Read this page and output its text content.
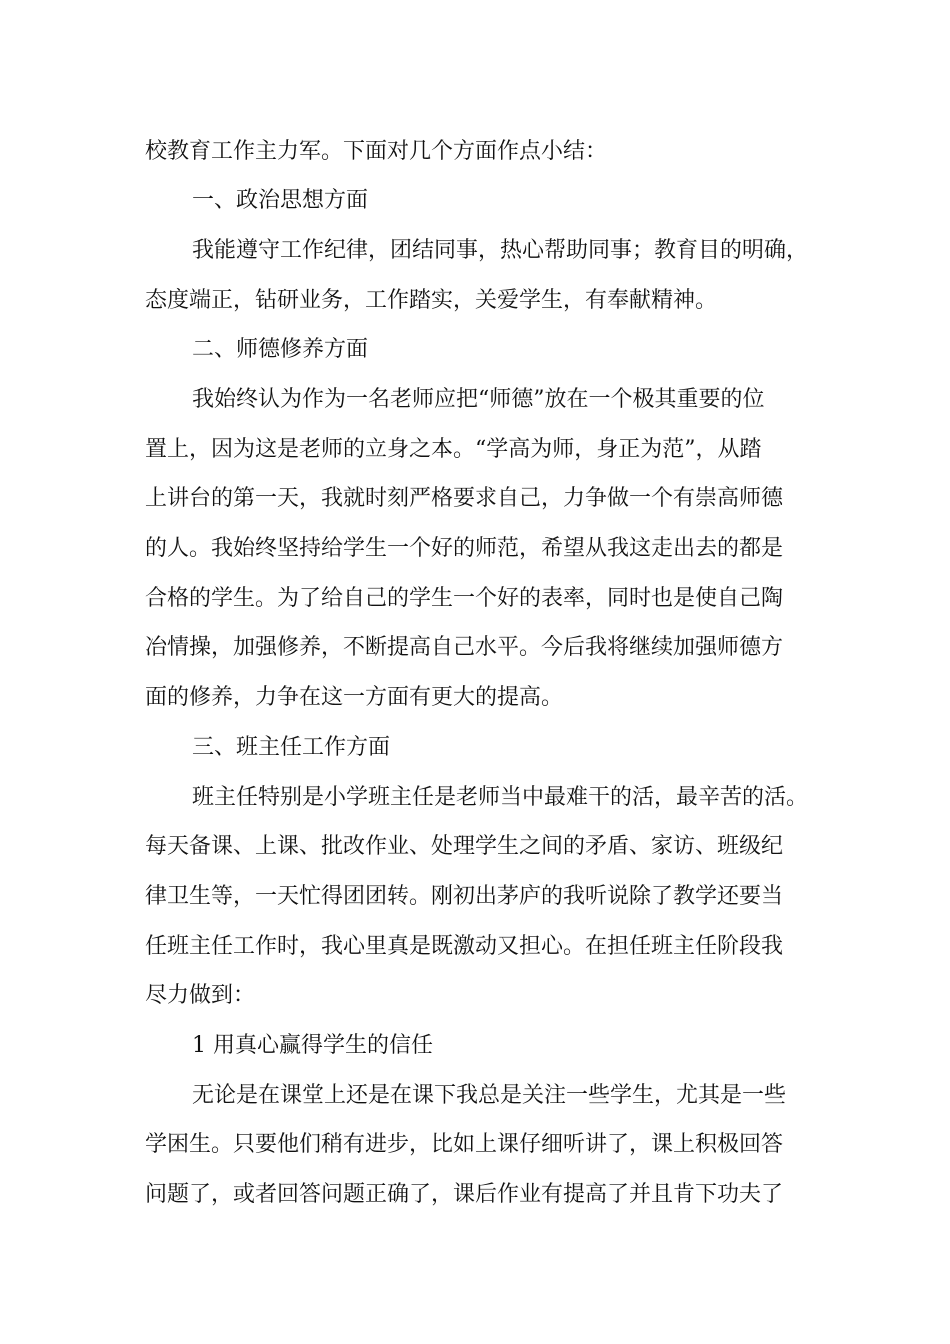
校教育工作主力军。下面对几个方面作点小结：

一、政治思想方面

我能遵守工作纪律，团结同事，热心帮助同事；教育目的明确，

态度端正，钻研业务，工作踏实，关爱学生，有奉献精神。

二、师德修养方面

我始终认为作为一名老师应把“师德”放在一个极其重要的位

置上，因为这是老师的立身之本。“学高为师，身正为范”，从踏

上讲台的第一天，我就时刻严格要求自己，力争做一个有崇高师德

的人。我始终坚持给学生一个好的师范，希望从我这走出去的都是

合格的学生。为了给自己的学生一个好的表率，同时也是使自己陶

冶情操，加强修养，不断提高自己水平。今后我将继续加强师德方

面的修养，力争在这一方面有更大的提高。

三、班主任工作方面

班主任特别是小学班主任是老师当中最难干的活，最辛苦的活。

每天备课、上课、批改作业、处理学生之间的矛盾、家访、班级纪

律卫生等，一天忙得团团转。刚初出茅庐的我听说除了教学还要当

任班主任工作时，我心里真是既激动又担心。在担任班主任阶段我

尽力做到：

1 用真心赢得学生的信任

无论是在课堂上还是在课下我总是关注一些学生，尤其是一些

学困生。只要他们稍有进步，比如上课仔细听讲了，课上积极回答

问题了，或者回答问题正确了，课后作业有提高了并且肯下功夫了
